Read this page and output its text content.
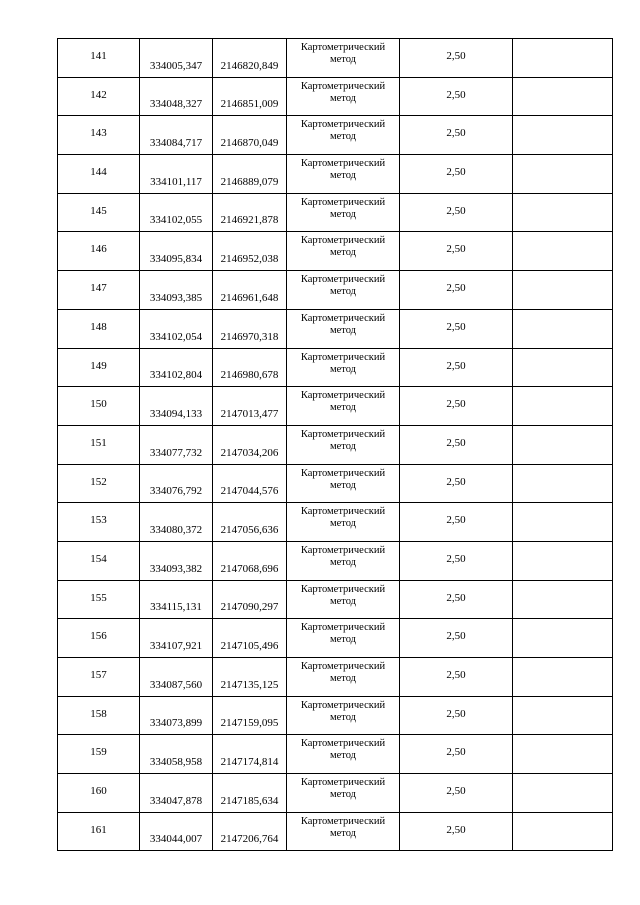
141	334005,347	2146820,849	Картометрический метод	2,50	
142	334048,327	2146851,009	Картометрический метод	2,50	
143	334084,717	2146870,049	Картометрический метод	2,50	
144	334101,117	2146889,079	Картометрический метод	2,50	
145	334102,055	2146921,878	Картометрический метод	2,50	
146	334095,834	2146952,038	Картометрический метод	2,50	
147	334093,385	2146961,648	Картометрический метод	2,50	
148	334102,054	2146970,318	Картометрический метод	2,50	
149	334102,804	2146980,678	Картометрический метод	2,50	
150	334094,133	2147013,477	Картометрический метод	2,50	
151	334077,732	2147034,206	Картометрический метод	2,50	
152	334076,792	2147044,576	Картометрический метод	2,50	
153	334080,372	2147056,636	Картометрический метод	2,50	
154	334093,382	2147068,696	Картометрический метод	2,50	
155	334115,131	2147090,297	Картометрический метод	2,50	
156	334107,921	2147105,496	Картометрический метод	2,50	
157	334087,560	2147135,125	Картометрический метод	2,50	
158	334073,899	2147159,095	Картометрический метод	2,50	
159	334058,958	2147174,814	Картометрический метод	2,50	
160	334047,878	2147185,634	Картометрический метод	2,50	
161	334044,007	2147206,764	Картометрический метод	2,50	
